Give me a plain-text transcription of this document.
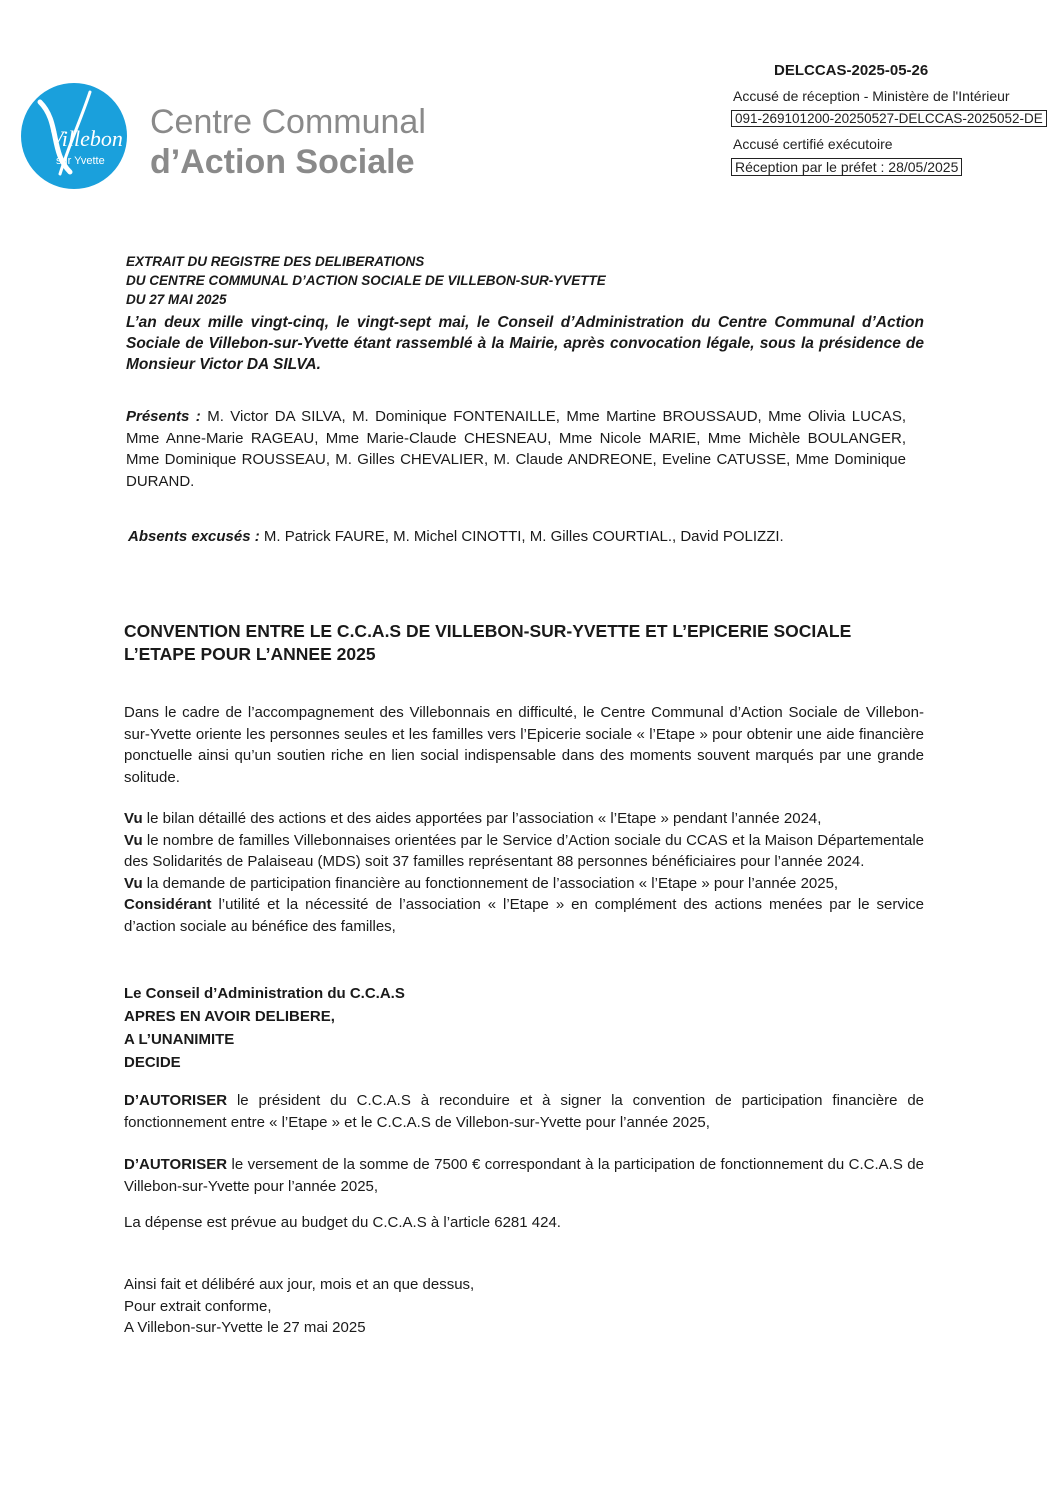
Villebon
sur Yvette
Centre Communal
d’Action Sociale
DELCCAS-2025-05-26
Accusé de réception - Ministère de l'Intérieur
091-269101200-20250527-DELCCAS-2025052-DE
Accusé certifié exécutoire
Réception par le préfet : 28/05/2025
EXTRAIT DU REGISTRE DES DELIBERATIONS
DU CENTRE COMMUNAL D’ACTION SOCIALE DE VILLEBON-SUR-YVETTE
DU 27 MAI 2025
L’an deux mille vingt-cinq, le vingt-sept mai, le Conseil d’Administration du Centre Communal d’Action Sociale de Villebon-sur-Yvette étant rassemblé à la Mairie, après convocation légale, sous la présidence de Monsieur Victor DA SILVA.
Présents : M. Victor DA SILVA, M. Dominique FONTENAILLE, Mme Martine BROUSSAUD, Mme Olivia LUCAS, Mme Anne-Marie RAGEAU, Mme Marie-Claude CHESNEAU, Mme Nicole MARIE, Mme Michèle BOULANGER, Mme Dominique ROUSSEAU, M. Gilles CHEVALIER, M. Claude ANDREONE, Eveline CATUSSE, Mme Dominique DURAND.
Absents excusés : M. Patrick FAURE, M. Michel CINOTTI, M. Gilles COURTIAL., David POLIZZI.
CONVENTION ENTRE LE C.C.A.S DE VILLEBON-SUR-YVETTE ET L’EPICERIE SOCIALE L’ETAPE POUR L’ANNEE 2025
Dans le cadre de l’accompagnement des Villebonnais en difficulté, le Centre Communal d’Action Sociale de Villebon-sur-Yvette oriente les personnes seules et les familles vers l’Epicerie sociale « l’Etape » pour obtenir une aide financière ponctuelle ainsi qu’un soutien riche en lien social indispensable dans des moments souvent marqués par une grande solitude.
Vu le bilan détaillé des actions et des aides apportées par l’association « l’Etape » pendant l’année 2024,
Vu le nombre de familles Villebonnaises orientées par le Service d’Action sociale du CCAS et la Maison Départementale des Solidarités de Palaiseau (MDS) soit 37 familles représentant 88 personnes bénéficiaires pour l’année 2024.
Vu la demande de participation financière au fonctionnement de l’association « l’Etape » pour l’année 2025,
Considérant l’utilité et la nécessité de l’association « l’Etape » en complément des actions menées par le service d’action sociale au bénéfice des familles,
Le Conseil d’Administration du C.C.A.S
APRES EN AVOIR DELIBERE,
A L’UNANIMITE
DECIDE
D’AUTORISER le président du C.C.A.S à reconduire et à signer la convention de participation financière de fonctionnement entre « l’Etape » et le C.C.A.S de Villebon-sur-Yvette pour l’année 2025,
D’AUTORISER le versement de la somme de 7500 € correspondant à la participation de fonctionnement du C.C.A.S de Villebon-sur-Yvette pour l’année 2025,
La dépense est prévue au budget du C.C.A.S à l’article 6281 424.
Ainsi fait et délibéré aux jour, mois et an que dessus,
Pour extrait conforme,
A Villebon-sur-Yvette le 27 mai 2025
